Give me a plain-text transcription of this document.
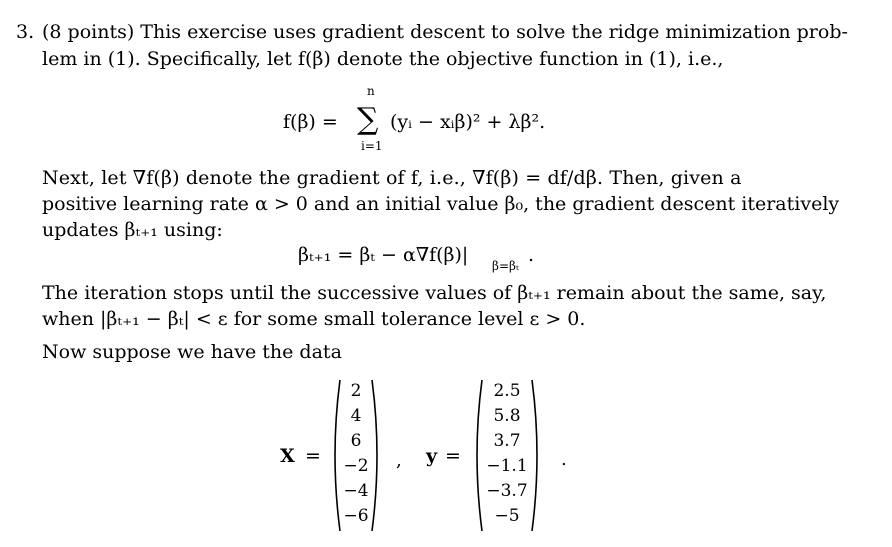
3. (8 points) This exercise uses gradient descent to solve the ridge minimization prob-
lem in (1). Specifically, let f(β) denote the objective function in (1), i.e.,
f(β) =
n
∑
i=1
(yᵢ − xᵢβ)² + λβ².
Next, let ∇f(β) denote the gradient of f, i.e., ∇f(β) = df/dβ. Then, given a
positive learning rate α > 0 and an initial value β₀, the gradient descent iteratively
updates βₜ₊₁ using:
βₜ₊₁ = βₜ − α∇f(β)| β=βₜ .
The iteration stops until the successive values of βₜ₊₁ remain about the same, say,
when |βₜ₊₁ − βₜ| < ε for some small tolerance level ε > 0.
Now suppose we have the data
X =
2
4
6
−2
−4
−6
, y =
2.5
5.8
3.7
−1.1
−3.7
−5
.
